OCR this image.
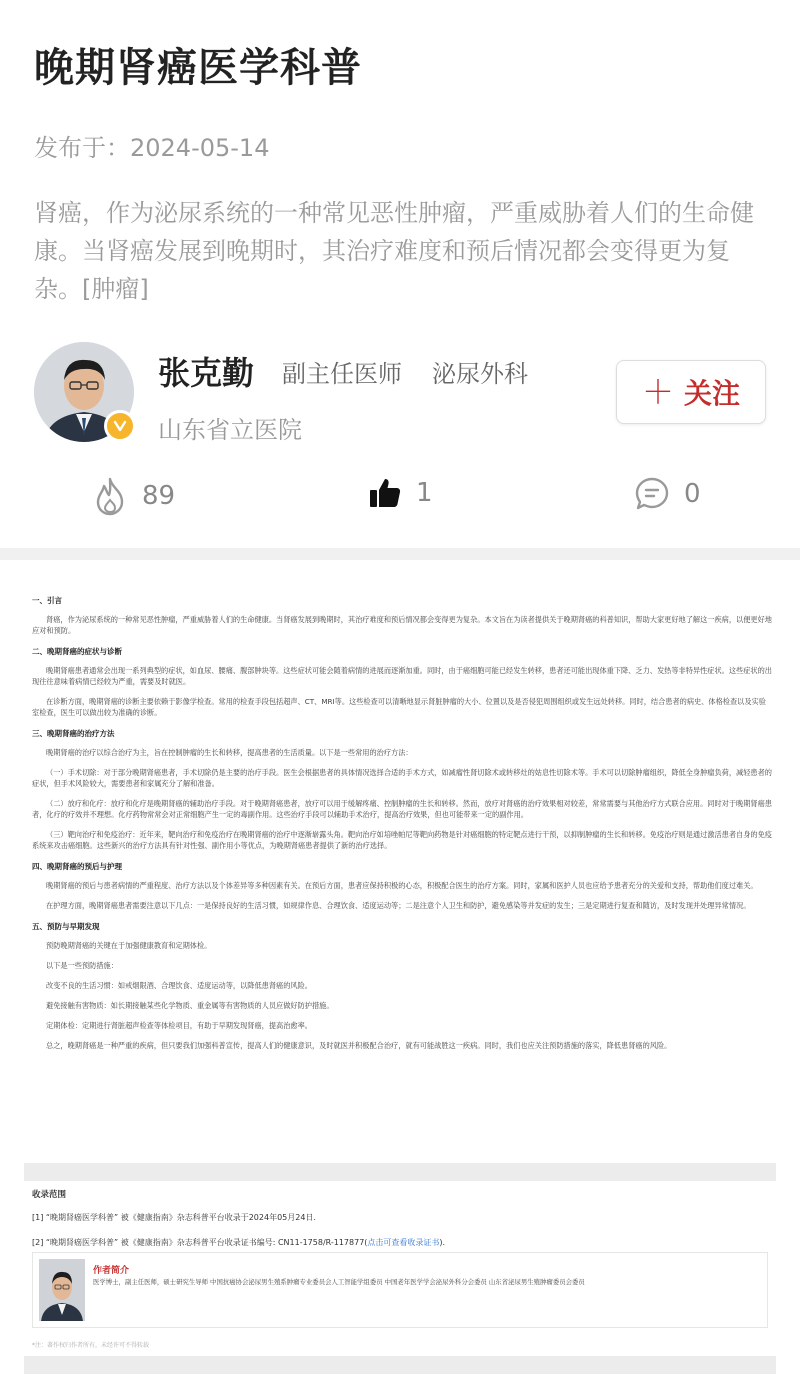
晚期肾癌医学科普
发布于：2024-05-14
肾癌，作为泌尿系统的一种常见恶性肿瘤，严重威胁着人们的生命健康。当肾癌发展到晚期时，其治疗难度和预后情况都会变得更为复杂。[肿瘤]
张克勤 副主任医师 泌尿外科
山东省立医院
＋ 关注
89	1	0
一、引言

肾癌，作为泌尿系统的一种常见恶性肿瘤，严重威胁着人们的生命健康。当肾癌发展到晚期时，其治疗难度和预后情况都会变得更为复杂。本文旨在为读者提供关于晚期肾癌的科普知识，帮助大家更好地了解这一疾病，以便更好地应对和预防。

二、晚期肾癌的症状与诊断

晚期肾癌患者通常会出现一系列典型的症状，如血尿、腰痛、腹部肿块等。这些症状可能会随着病情的进展而逐渐加重。同时，由于癌细胞可能已经发生转移，患者还可能出现体重下降、乏力、发热等非特异性症状。这些症状的出现往往意味着病情已经较为严重，需要及时就医。

在诊断方面，晚期肾癌的诊断主要依赖于影像学检查。常用的检查手段包括超声、CT、MRI等。这些检查可以清晰地显示肾脏肿瘤的大小、位置以及是否侵犯周围组织或发生远处转移。同时，结合患者的病史、体格检查以及实验室检查，医生可以做出较为准确的诊断。

三、晚期肾癌的治疗方法

晚期肾癌的治疗以综合治疗为主，旨在控制肿瘤的生长和转移，提高患者的生活质量。以下是一些常用的治疗方法：

（一）手术切除：对于部分晚期肾癌患者，手术切除仍是主要的治疗手段。医生会根据患者的具体情况选择合适的手术方式，如减瘤性肾切除术或转移灶的姑息性切除术等。手术可以切除肿瘤组织，降低全身肿瘤负荷，减轻患者的症状，但手术风险较大，需要患者和家属充分了解和准备。

（二）放疗和化疗：放疗和化疗是晚期肾癌的辅助治疗手段。对于晚期肾癌患者，放疗可以用于缓解疼痛、控制肿瘤的生长和转移。然而，放疗对肾癌的治疗效果相对较差，常常需要与其他治疗方式联合应用。同时对于晚期肾癌患者，化疗的疗效并不理想。化疗药物常常会对正常细胞产生一定的毒副作用。这些治疗手段可以辅助手术治疗，提高治疗效果，但也可能带来一定的副作用。

（三）靶向治疗和免疫治疗：近年来，靶向治疗和免疫治疗在晚期肾癌的治疗中逐渐崭露头角。靶向治疗如培唑帕尼等靶向药物是针对癌细胞的特定靶点进行干预，以抑制肿瘤的生长和转移。免疫治疗则是通过激活患者自身的免疫系统来攻击癌细胞。这些新兴的治疗方法具有针对性强、副作用小等优点，为晚期肾癌患者提供了新的治疗选择。

四、晚期肾癌的预后与护理

晚期肾癌的预后与患者病情的严重程度、治疗方法以及个体差异等多种因素有关。在预后方面，患者应保持积极的心态，积极配合医生的治疗方案。同时，家属和医护人员也应给予患者充分的关爱和支持，帮助他们度过难关。

在护理方面，晚期肾癌患者需要注意以下几点：一是保持良好的生活习惯，如规律作息、合理饮食、适度运动等；二是注意个人卫生和防护，避免感染等并发症的发生；三是定期进行复查和随访，及时发现并处理异常情况。

五、预防与早期发现

预防晚期肾癌的关键在于加强健康教育和定期体检。

以下是一些预防措施：

改变不良的生活习惯：如戒烟限酒、合理饮食、适度运动等，以降低患肾癌的风险。

避免接触有害物质：如长期接触某些化学物质、重金属等有害物质的人员应做好防护措施。

定期体检：定期进行肾脏超声检查等体检项目，有助于早期发现肾癌，提高治愈率。

总之，晚期肾癌是一种严重的疾病，但只要我们加强科普宣传，提高人们的健康意识，及时就医并积极配合治疗，就有可能战胜这一疾病。同时，我们也应关注预防措施的落实，降低患肾癌的风险。

收录范围
[1] “晚期肾癌医学科普” 被《健康指南》杂志科普平台收录于2024年05月24日.
[2] “晚期肾癌医学科普” 被《健康指南》杂志科普平台收录证书编号: CN11-1758/R-117877(点击可查看收录证书).
作者简介
医学博士，副主任医师，硕士研究生导师 中国抗癌协会泌尿男生殖系肿瘤专业委员会人工智能学组委员 中国老年医学学会泌尿外科分会委员 山东省泌尿男生殖肿瘤委员会委员
*注：著作权归作者所有，未经许可不得转载
